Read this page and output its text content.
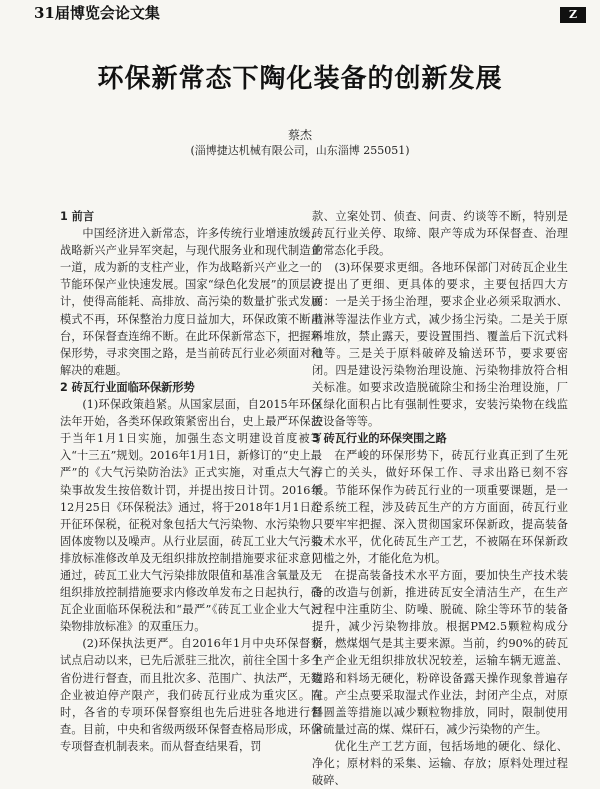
31届博览会论文集	Z
环保新常态下陶化装备的创新发展
蔡杰
(淄博捷达机械有限公司，山东淄博 255051)
1 前言

中国经济进入新常态，许多传统行业增速放缓，战略新兴产业异军突起，与现代服务业和现代制造业一道，成为新的支柱产业，作为战略新兴产业之一的节能环保产业快速发展。国家“绿色化发展”的顶层设计，使得高能耗、高排放、高污染的数量扩张式发展模式不再，环保整治力度日益加大，环保政策不断出台，环保督查连绵不断。在此环保新常态下，把握环保形势，寻求突围之路，是当前砖瓦行业必须面对和解决的难题。

2 砖瓦行业面临环保新形势

(1)环保政策趋紧。从国家层面，自2015年环保法年开始，各类环保政策紧密出台，史上最严环保法于当年1月1日实施，加强生态文明建设首度被写入“十三五”规划。2016年1月1日，新修订的“史上最严”的《大气污染防治法》正式实施，对重点大气污染事故发生按倍数计罚，并提出按日计罚。2016年12月25日《环保税法》通过，将于2018年1月1日起开征环保税，征税对象包括大气污染物、水污染物、固体废物以及噪声。从行业层面，砖瓦工业大气污染排放标准修改单及无组织排放控制措施要求征求意见通过，砖瓦工业大气污染排放限值和基准含氧量及无组织排放控制措施要求内修改单发布之日起执行，砖瓦企业面临环保税法和“最严”《砖瓦工业企业大气污染物排放标准》的双重压力。

(2)环保执法更严。自2016年1月中央环保督察试点启动以来，已先后派驻三批次，前往全国十多个省份进行督查，而且批次多、范围广、执法严，无数企业被迫停产限产，我们砖瓦行业成为重灾区。同时，各省的专项环保督察组也先后进驻各地进行督查。目前，中央和省级两级环保督查格局形成，环保专项督查机制表来。而从督查结果看，罚

款、立案处罚、侦查、问责、约谈等不断，特别是砖瓦行业关停、取缔、限产等成为环保督查、治理的常态化手段。

(3)环保要求更细。各地环保部门对砖瓦企业生产提出了更细、更具体的要求，主要包括四大方面：一是关于扬尘治理，要求企业必须采取洒水、喷淋等湿法作业方式，减少扬尘污染。二是关于原料堆放，禁止露天，要设置围挡、覆盖后下沉式料池等。三是关于原料破碎及输送环节，要求要密闭。四是建设污染物治理设施、污染物排放符合相关标准。如要求改造脱硫除尘和扬尘治理设施，厂区绿化面积占比有强制性要求，安装污染物在线监控设备等等。

3 砖瓦行业的环保突围之路

在严峻的环保形势下，砖瓦行业真正到了生死存亡的关头，做好环保工作、寻求出路已刻不容缓。节能环保作为砖瓦行业的一项重要课题，是一个系统工程，涉及砖瓦生产的方方面面，砖瓦行业只要牢牢把握、深入贯彻国家环保新政，提高装备技术水平，优化砖瓦生产工艺，不被隔在环保新政门槛之外，才能化危为机。

在提高装备技术水平方面，要加快生产技术装备的改造与创新，推进砖瓦安全清洁生产，在生产过程中注重防尘、防噪、脱硫、除尘等环节的装备提升，减少污染物排放。根据PM2.5颗粒构成分析，燃煤烟气是其主要来源。当前，约90%的砖瓦生产企业无组织排放状况较差，运输车辆无遮盖、道路和料场无硬化，粉碎设备露天操作现象普遍存在。产尘点要采取湿式作业法，封闭产尘点，对原料圆盖等措施以减少颗粒物排放，同时，限制使用含硫量过高的煤、煤矸石，减少污染物的产生。

优化生产工艺方面，包括场地的硬化、绿化、净化；原材料的采集、运输、存放；原料处理过程破碎、
